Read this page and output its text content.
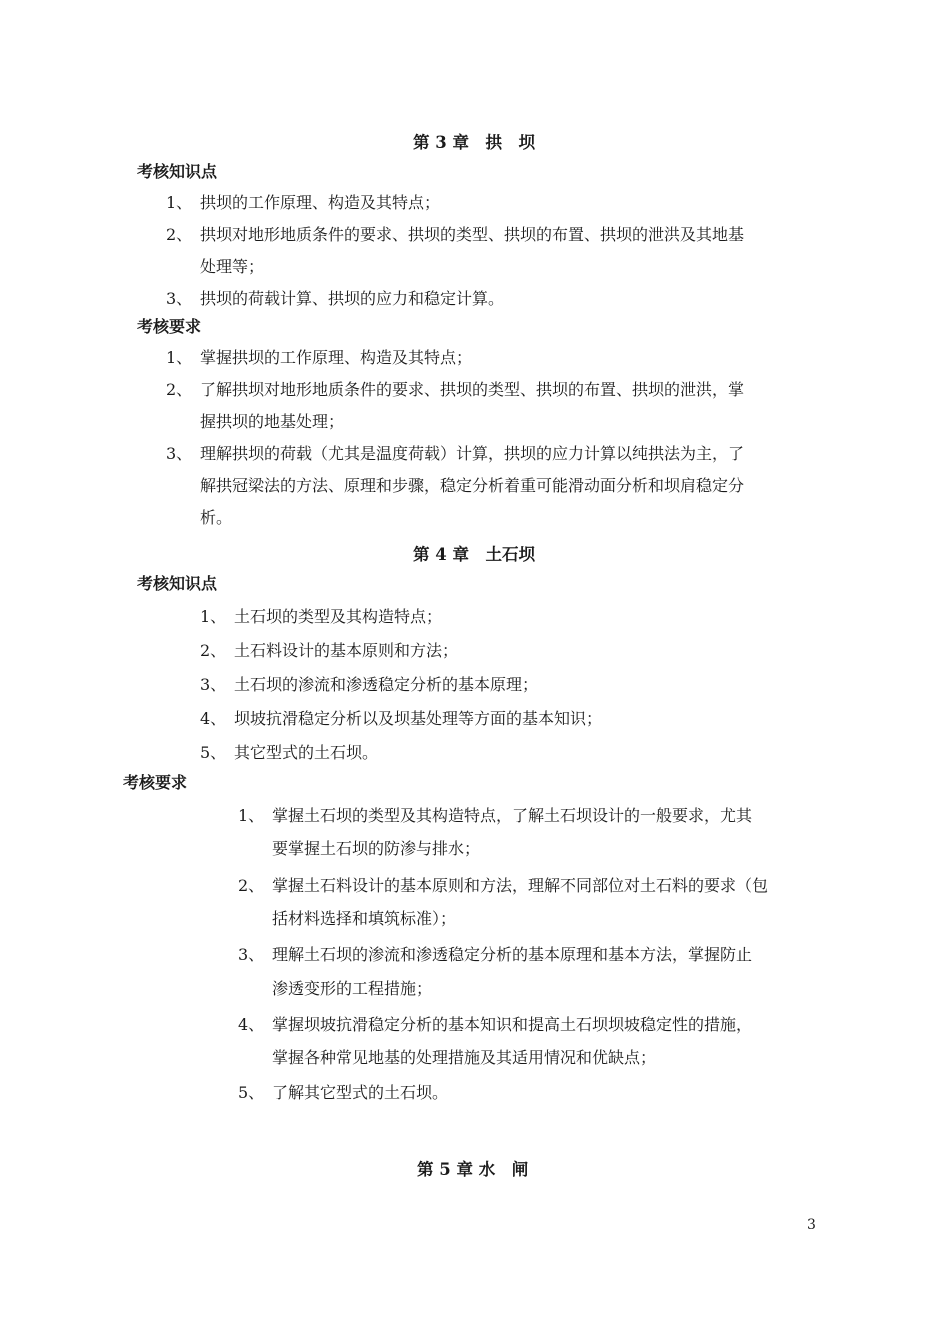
第 3 章　拱　坝
考核知识点
1、 拱坝的工作原理、构造及其特点；
2、 拱坝对地形地质条件的要求、拱坝的类型、拱坝的布置、拱坝的泄洪及其地基
处理等；
3、 拱坝的荷载计算、拱坝的应力和稳定计算。
考核要求
1、 掌握拱坝的工作原理、构造及其特点；
2、 了解拱坝对地形地质条件的要求、拱坝的类型、拱坝的布置、拱坝的泄洪，掌
握拱坝的地基处理；
3、 理解拱坝的荷载（尤其是温度荷载）计算，拱坝的应力计算以纯拱法为主，了
解拱冠梁法的方法、原理和步骤，稳定分析着重可能滑动面分析和坝肩稳定分
析。
第 4 章　土石坝
考核知识点
1、 土石坝的类型及其构造特点；
2、 土石料设计的基本原则和方法；
3、 土石坝的渗流和渗透稳定分析的基本原理；
4、 坝坡抗滑稳定分析以及坝基处理等方面的基本知识；
5、 其它型式的土石坝。
考核要求
1、 掌握土石坝的类型及其构造特点，了解土石坝设计的一般要求，尤其
要掌握土石坝的防渗与排水；
2、 掌握土石料设计的基本原则和方法，理解不同部位对土石料的要求（包
括材料选择和填筑标准）；
3、 理解土石坝的渗流和渗透稳定分析的基本原理和基本方法，掌握防止
渗透变形的工程措施；
4、 掌握坝坡抗滑稳定分析的基本知识和提高土石坝坝坡稳定性的措施，
掌握各种常见地基的处理措施及其适用情况和优缺点；
5、 了解其它型式的土石坝。
第 5 章 水　闸
3
